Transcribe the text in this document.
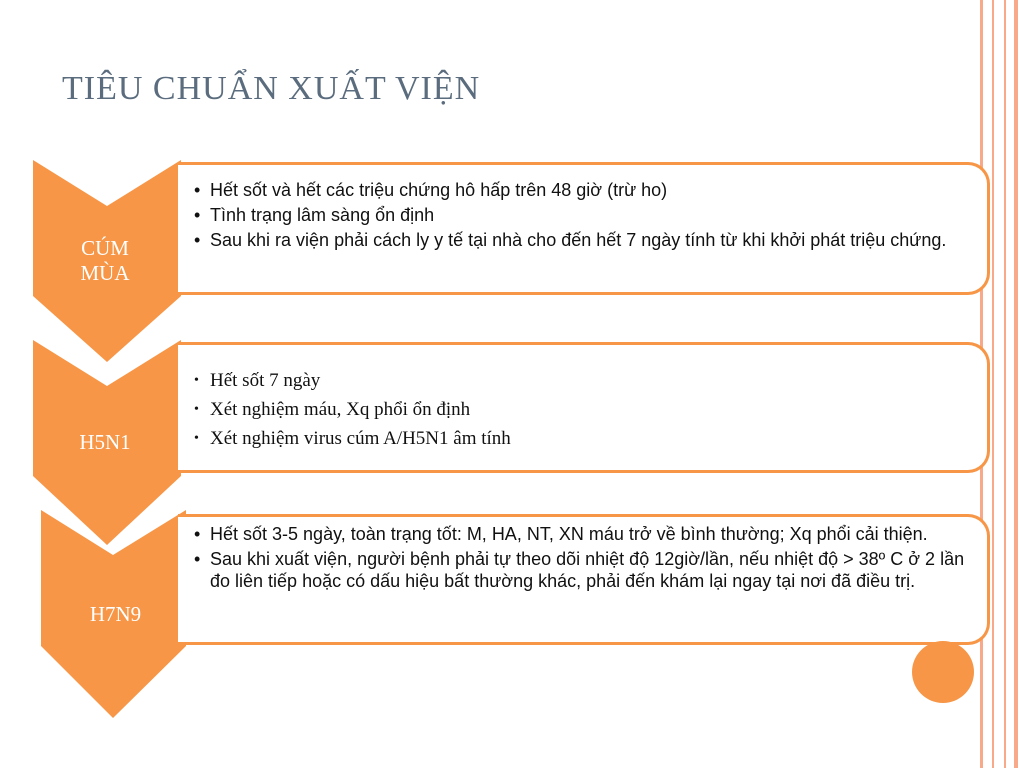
TIÊU CHUẨN XUẤT VIỆN
CÚM
MÙA
• Hết sốt và hết các triệu chứng hô hấp trên 48 giờ (trừ ho)
• Tình trạng lâm sàng ổn định
• Sau khi ra viện phải cách ly y tế tại nhà cho đến hết 7 ngày tính từ khi khởi phát triệu chứng.
H5N1
• Hết sốt 7 ngày
• Xét nghiệm máu, Xq phổi ổn định
• Xét nghiệm virus cúm A/H5N1 âm tính
H7N9
• Hết sốt 3-5 ngày, toàn trạng tốt: M, HA, NT, XN máu trở về bình thường; Xq phổi cải thiện.
• Sau khi xuất viện, người bệnh phải tự theo dõi nhiệt độ 12giờ/lần, nếu nhiệt độ > 38º C ở 2 lần đo liên tiếp hoặc có dấu hiệu bất thường khác, phải đến khám lại ngay tại nơi đã điều trị.
